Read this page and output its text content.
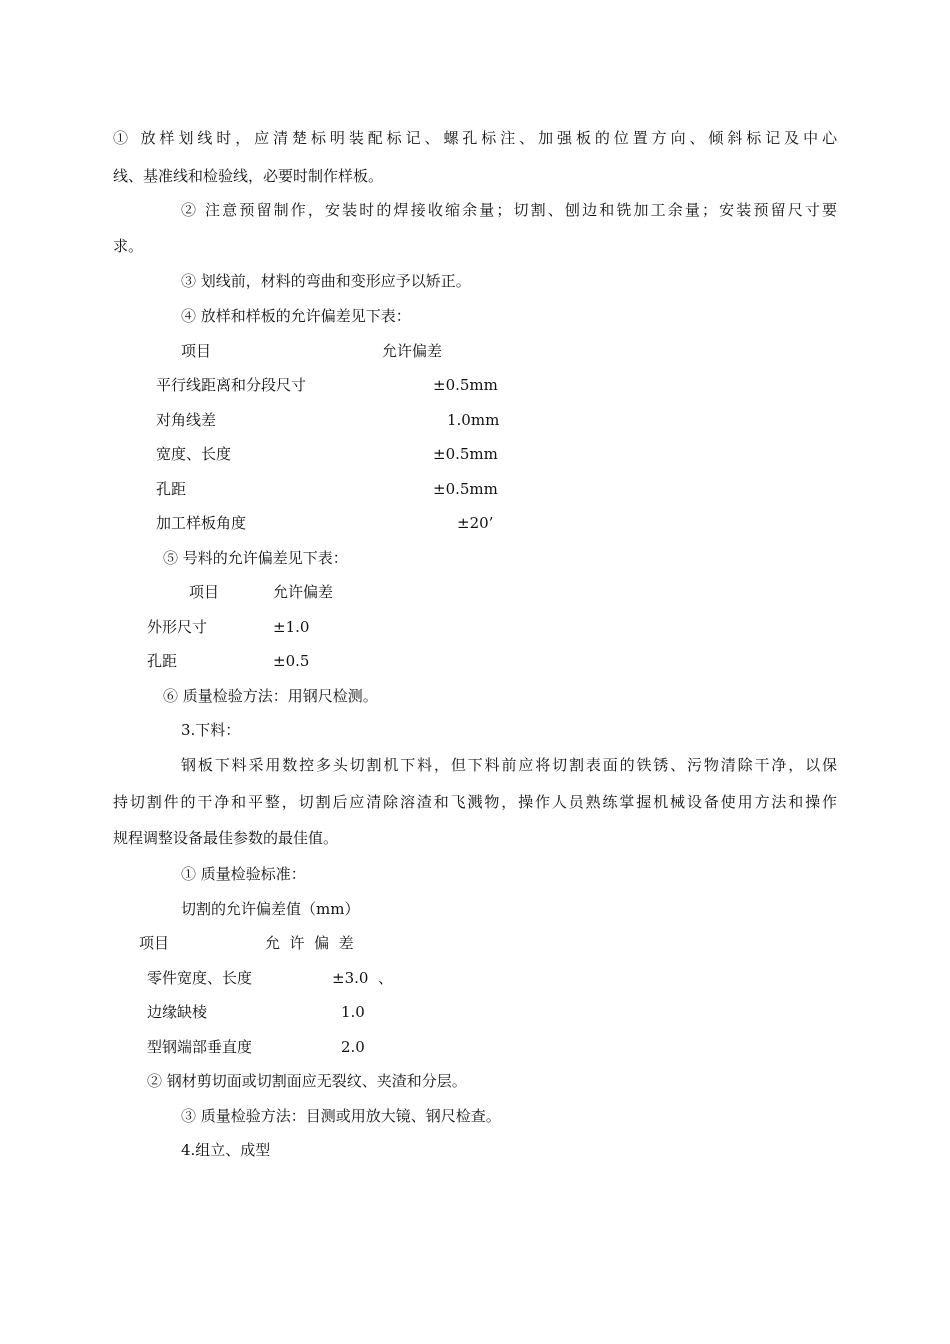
① 放样划线时，应清楚标明装配标记、螺孔标注、加强板的位置方向、倾斜标记及中心
线、基准线和检验线，必要时制作样板。
② 注意预留制作，安装时的焊接收缩余量；切割、刨边和铣加工余量；安装预留尺寸要
求。
③ 划线前，材料的弯曲和变形应予以矫正。
④ 放样和样板的允许偏差见下表：
项目	允许偏差
平行线距离和分段尺寸	±0.5mm
对角线差	1.0mm
宽度、长度	±0.5mm
孔距	±0.5mm
加工样板角度	±20’
⑤ 号料的允许偏差见下表：
项目	允许偏差
外形尺寸	±1.0
孔距	±0.5
⑥ 质量检验方法：用钢尺检测。
3.下料：
钢板下料采用数控多头切割机下料，但下料前应将切割表面的铁锈、污物清除干净，以保
持切割件的干净和平整，切割后应清除溶渣和飞溅物，操作人员熟练掌握机械设备使用方法和操作
规程调整设备最佳参数的最佳值。
① 质量检验标准：
切割的允许偏差值（mm）
项目	允  许  偏  差
零件宽度、长度	±3.0  、
边缘缺棱	1.0
型钢端部垂直度	2.0
② 钢材剪切面或切割面应无裂纹、夹渣和分层。
③ 质量检验方法：目测或用放大镜、钢尺检查。
4.组立、成型
